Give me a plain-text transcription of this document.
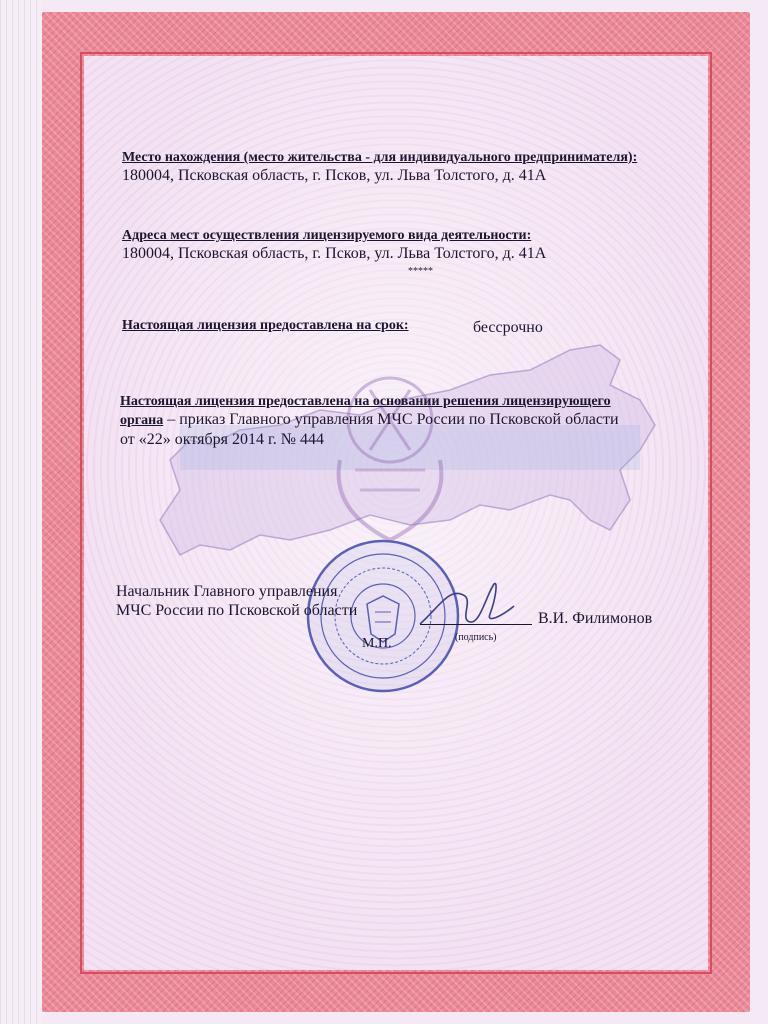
Место нахождения (место жительства - для индивидуального предпринимателя):
180004, Псковская область, г. Псков, ул. Льва Толстого, д. 41А
Адреса мест осуществления лицензируемого вида деятельности:
180004, Псковская область, г. Псков, ул. Льва Толстого, д. 41А
*****
Настоящая лицензия предоставлена на срок:	бессрочно
Настоящая лицензия предоставлена на основании решения лицензирующего
органа – приказ Главного управления МЧС России по Псковской области
от «22» октября 2014 г. № 444
Начальник Главного управления
МЧС России по Псковской области
(подпись)
В.И. Филимонов
М.П.
